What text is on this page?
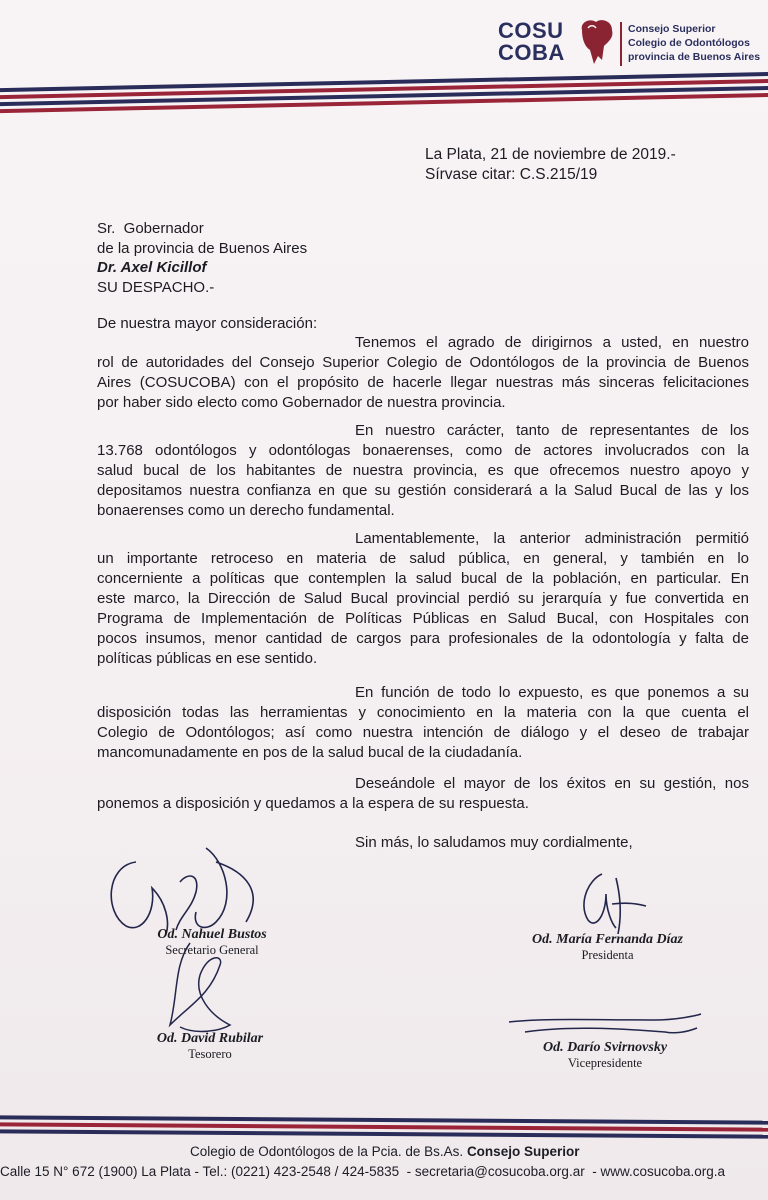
COSU
COBA
Consejo Superior
Colegio de Odontólogos
provincia de Buenos Aires
La Plata, 21 de noviembre de 2019.-
Sírvase citar: C.S.215/19
Sr.  Gobernador
de la provincia de Buenos Aires
Dr. Axel Kicillof
SU DESPACHO.-
De nuestra mayor consideración:
Tenemos el agrado de dirigirnos a usted, en nuestro
rol de autoridades del Consejo Superior Colegio de Odontólogos de la provincia de Buenos
Aires (COSUCOBA) con el propósito de hacerle llegar nuestras más sinceras felicitaciones
por haber sido electo como Gobernador de nuestra provincia.
En nuestro carácter, tanto de representantes de los
13.768 odontólogos y odontólogas bonaerenses, como de actores involucrados con la
salud bucal de los habitantes de nuestra provincia, es que ofrecemos nuestro apoyo y
depositamos nuestra confianza en que su gestión considerará a la Salud Bucal de las y los
bonaerenses como un derecho fundamental.
Lamentablemente, la anterior administración permitió
un importante retroceso en materia de salud pública, en general, y también en lo
concerniente a políticas que contemplen la salud bucal de la población, en particular. En
este marco, la Dirección de Salud Bucal provincial perdió su jerarquía y fue convertida en
Programa de Implementación de Políticas Públicas en Salud Bucal, con Hospitales con
pocos insumos, menor cantidad de cargos para profesionales de la odontología y falta de
políticas públicas en ese sentido.
En función de todo lo expuesto, es que ponemos a su
disposición todas las herramientas y conocimiento en la materia con la que cuenta el
Colegio de Odontólogos; así como nuestra intención de diálogo y el deseo de trabajar
mancomunadamente en pos de la salud bucal de la ciudadanía.
Deseándole el mayor de los éxitos en su gestión, nos
ponemos a disposición y quedamos a la espera de su respuesta.
Sin más, lo saludamos muy cordialmente,
Od. Nahuel Bustos
Secretario General
Od. María Fernanda Díaz
Presidenta
Od. David Rubilar
Tesorero	Od. Darío Svirnovsky
Vicepresidente
Colegio de Odontólogos de la Pcia. de Bs.As. Consejo Superior
Calle 15 N° 672 (1900) La Plata - Tel.: (0221) 423-2548 / 424-5835  - secretaria@cosucoba.org.ar  - www.cosucoba.org.a
